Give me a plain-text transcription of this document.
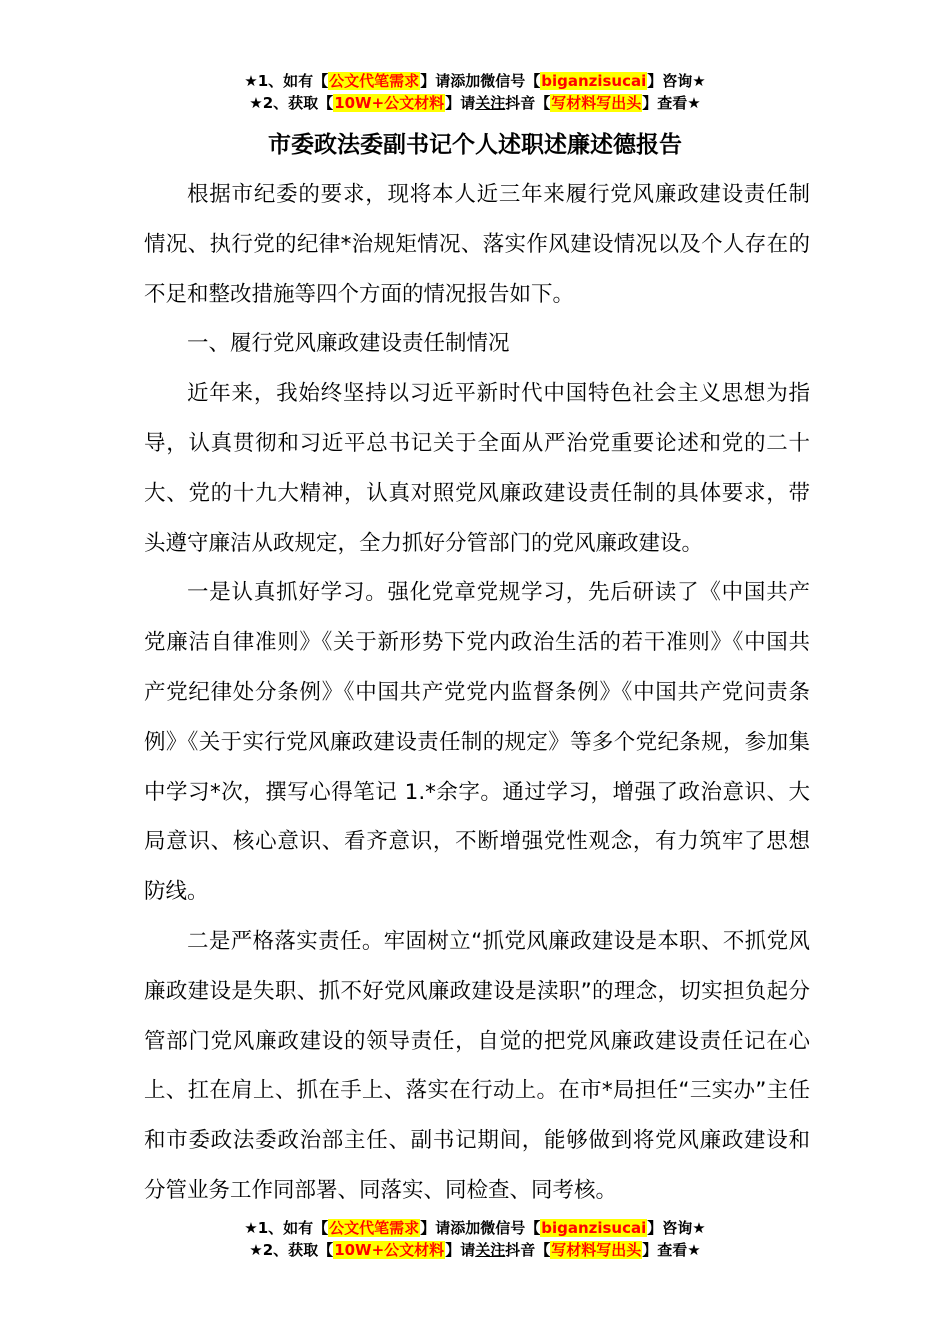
★1、如有【公文代笔需求】请添加微信号【biganzisucai】咨询★
★2、获取【10W+公文材料】请关注抖音【写材料写出头】查看★
市委政法委副书记个人述职述廉述德报告

根据市纪委的要求，现将本人近三年来履行党风廉政建设责任制情况、执行党的纪律*治规矩情况、落实作风建设情况以及个人存在的不足和整改措施等四个方面的情况报告如下。

一、履行党风廉政建设责任制情况

近年来，我始终坚持以习近平新时代中国特色社会主义思想为指导，认真贯彻和习近平总书记关于全面从严治党重要论述和党的二十大、党的十九大精神，认真对照党风廉政建设责任制的具体要求，带头遵守廉洁从政规定，全力抓好分管部门的党风廉政建设。

一是认真抓好学习。强化党章党规学习，先后研读了《中国共产党廉洁自律准则》《关于新形势下党内政治生活的若干准则》《中国共产党纪律处分条例》《中国共产党党内监督条例》《中国共产党问责条例》《关于实行党风廉政建设责任制的规定》等多个党纪条规，参加集中学习*次，撰写心得笔记 1.*余字。通过学习，增强了政治意识、大局意识、核心意识、看齐意识，不断增强党性观念，有力筑牢了思想防线。

二是严格落实责任。牢固树立“抓党风廉政建设是本职、不抓党风廉政建设是失职、抓不好党风廉政建设是渎职”的理念，切实担负起分管部门党风廉政建设的领导责任，自觉的把党风廉政建设责任记在心上、扛在肩上、抓在手上、落实在行动上。在市*局担任“三实办”主任和市委政法委政治部主任、副书记期间，能够做到将党风廉政建设和分管业务工作同部署、同落实、同检查、同考核。

★1、如有【公文代笔需求】请添加微信号【biganzisucai】咨询★
★2、获取【10W+公文材料】请关注抖音【写材料写出头】查看★
